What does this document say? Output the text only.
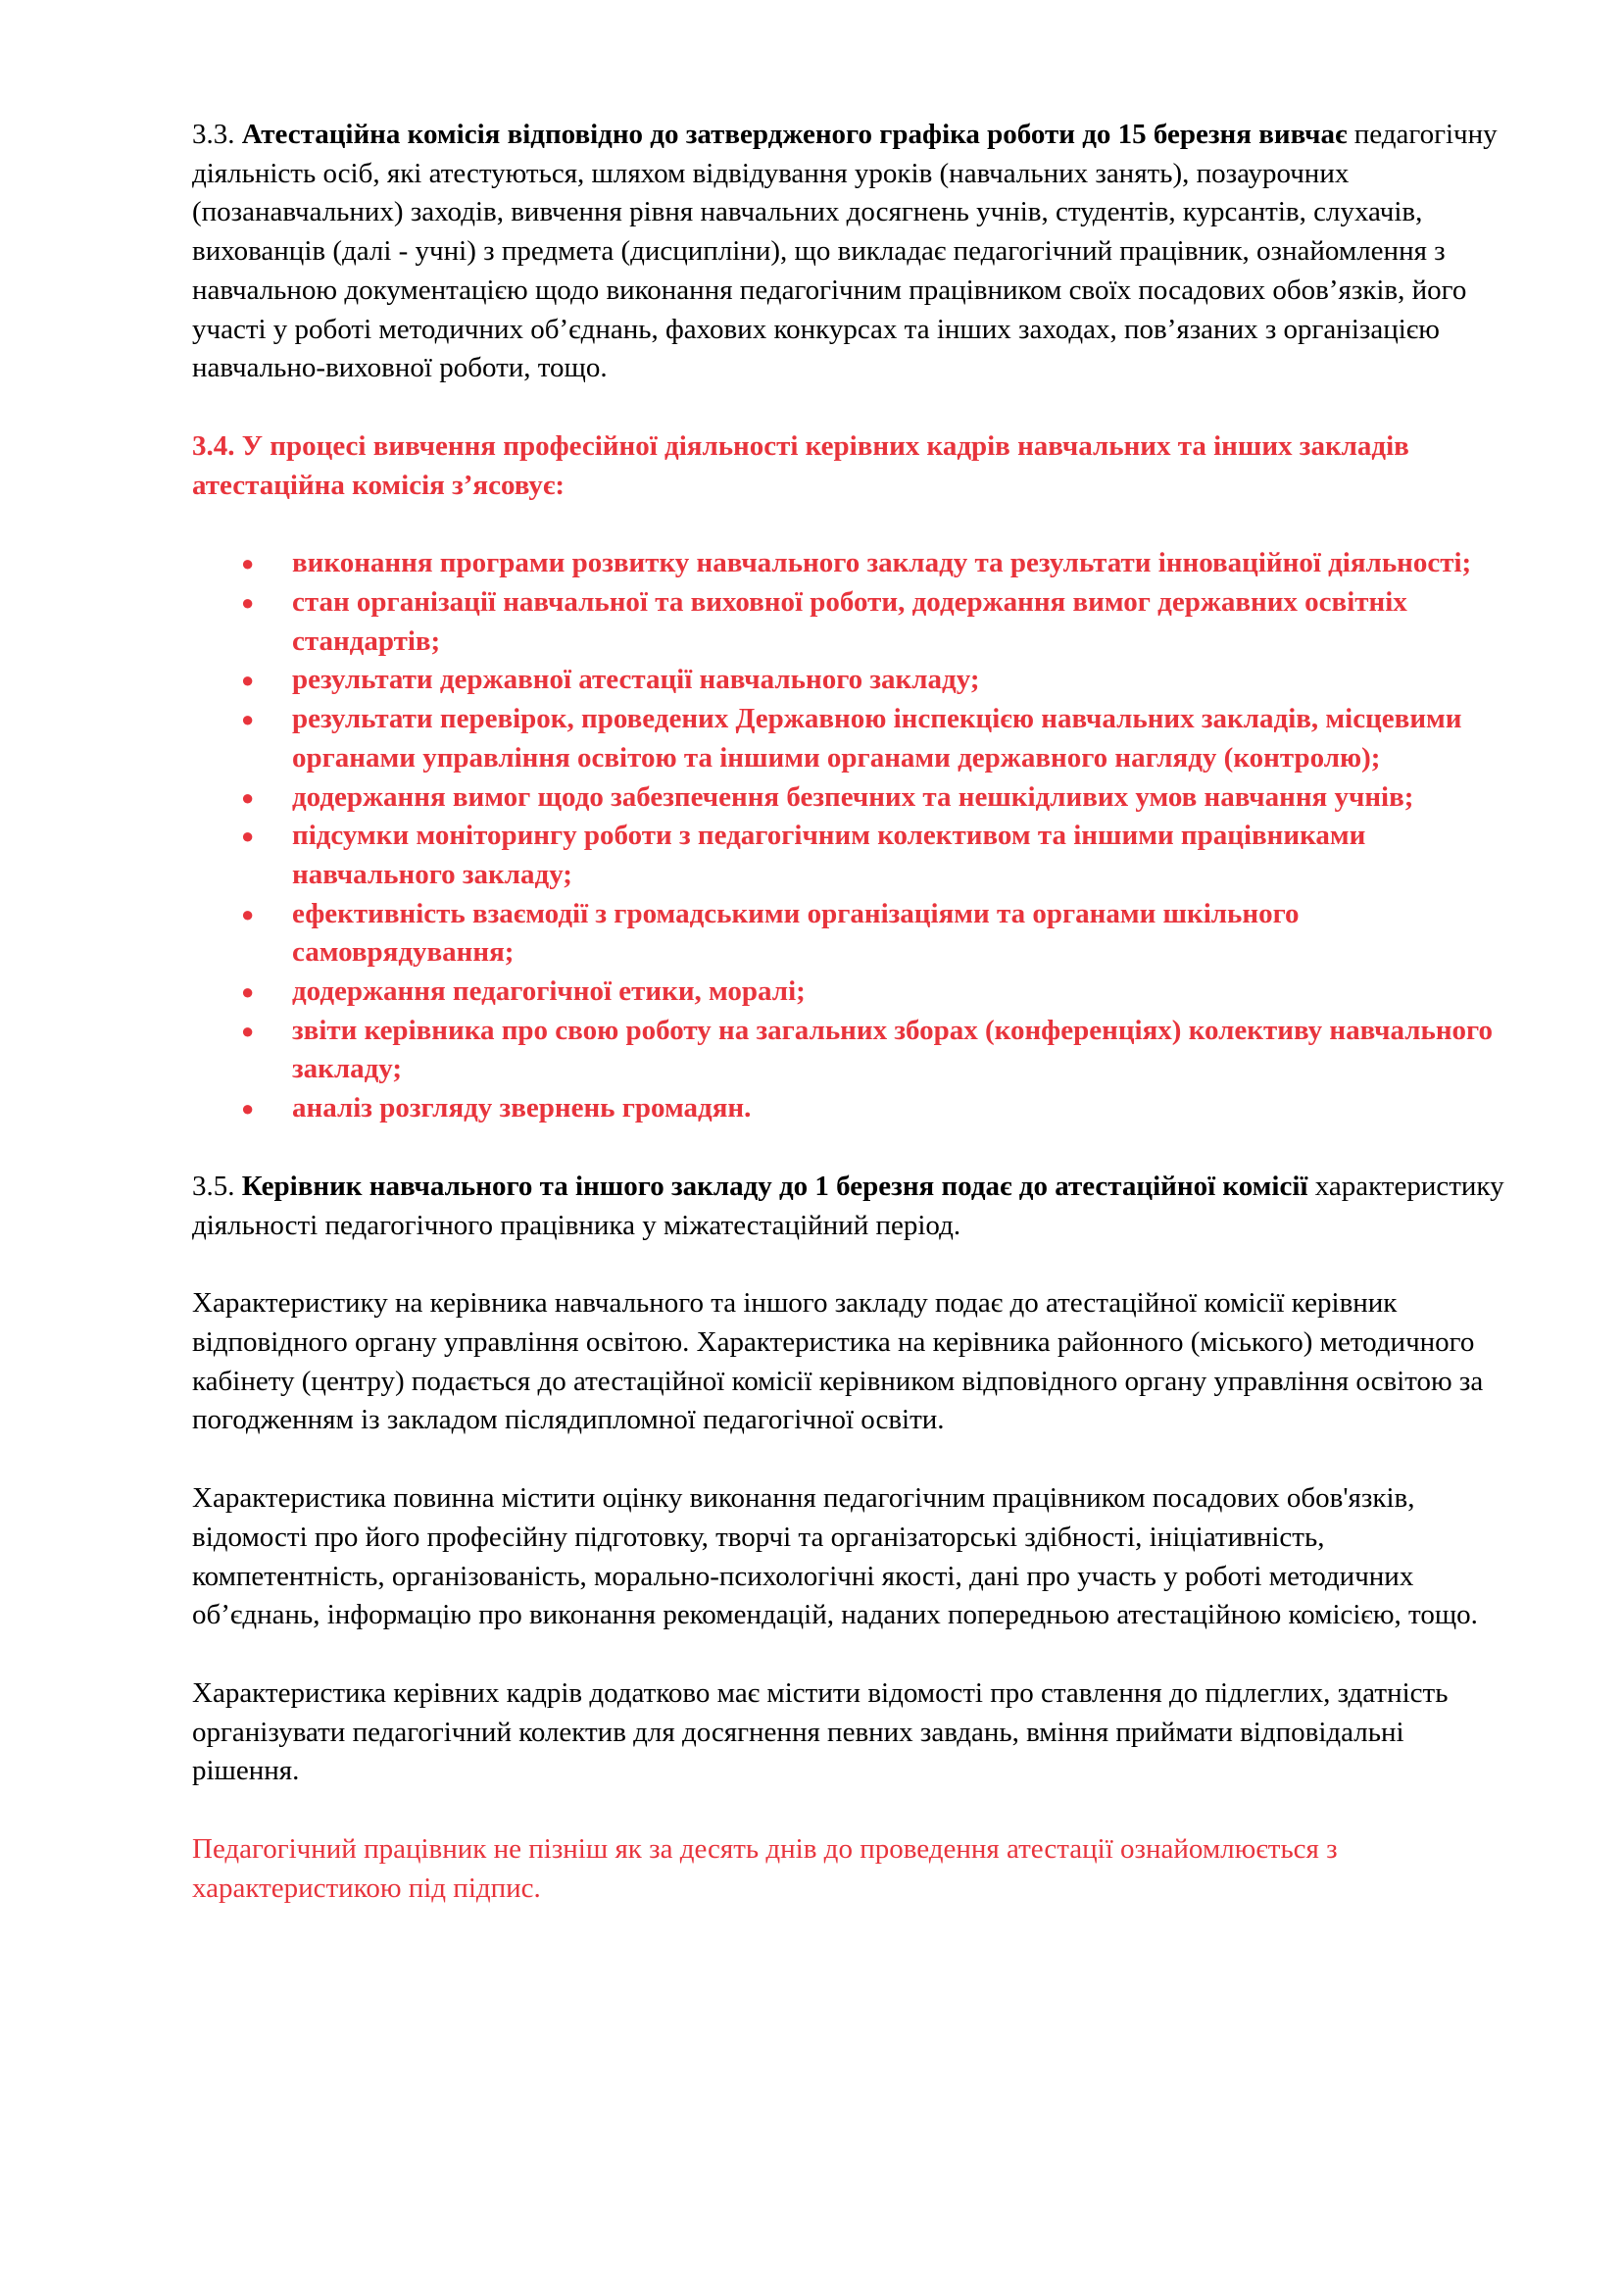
3.3. Атестаційна комісія відповідно до затвердженого графіка роботи до 15 березня вивчає педагогічну діяльність осіб, які атестуються, шляхом відвідування уроків (навчальних занять), позаурочних (позанавчальних) заходів, вивчення рівня навчальних досягнень учнів, студентів, курсантів, слухачів, вихованців (далі - учні) з предмета (дисципліни), що викладає педагогічний працівник, ознайомлення з навчальною документацією щодо виконання педагогічним працівником своїх посадових обов’язків, його участі у роботі методичних об’єднань, фахових конкурсах та інших заходах, пов’язаних з організацією навчально-виховної роботи, тощо.

3.4. У процесі вивчення професійної діяльності керівних кадрів навчальних та інших закладів атестаційна комісія з’ясовує:

● виконання програми розвитку навчального закладу та результати інноваційної діяльності;
● стан організації навчальної та виховної роботи, додержання вимог державних освітніх стандартів;
● результати державної атестації навчального закладу;
● результати перевірок, проведених Державною інспекцією навчальних закладів, місцевими органами управління освітою та іншими органами державного нагляду (контролю);
● додержання вимог щодо забезпечення безпечних та нешкідливих умов навчання учнів;
● підсумки моніторингу роботи з педагогічним колективом та іншими працівниками навчального закладу;
● ефективність взаємодії з громадськими організаціями та органами шкільного самоврядування;
● додержання педагогічної етики, моралі;
● звіти керівника про свою роботу на загальних зборах (конференціях) колективу навчального закладу;
● аналіз розгляду звернень громадян.

3.5. Керівник навчального та іншого закладу до 1 березня подає до атестаційної комісії характеристику діяльності педагогічного працівника у міжатестаційний період.

Характеристику на керівника навчального та іншого закладу подає до атестаційної комісії керівник відповідного органу управління освітою. Характеристика на керівника районного (міського) методичного кабінету (центру) подається до атестаційної комісії керівником відповідного органу управління освітою за погодженням із закладом післядипломної педагогічної освіти.

Характеристика повинна містити оцінку виконання педагогічним працівником посадових обов'язків, відомості про його професійну підготовку, творчі та організаторські здібності, ініціативність, компетентність, організованість, морально-психологічні якості, дані про участь у роботі методичних об’єднань, інформацію про виконання рекомендацій, наданих попередньою атестаційною комісією, тощо.

Характеристика керівних кадрів додатково має містити відомості про ставлення до підлеглих, здатність організувати педагогічний колектив для досягнення певних завдань, вміння приймати відповідальні рішення.

Педагогічний працівник не пізніш як за десять днів до проведення атестації ознайомлюється з характеристикою під підпис.
